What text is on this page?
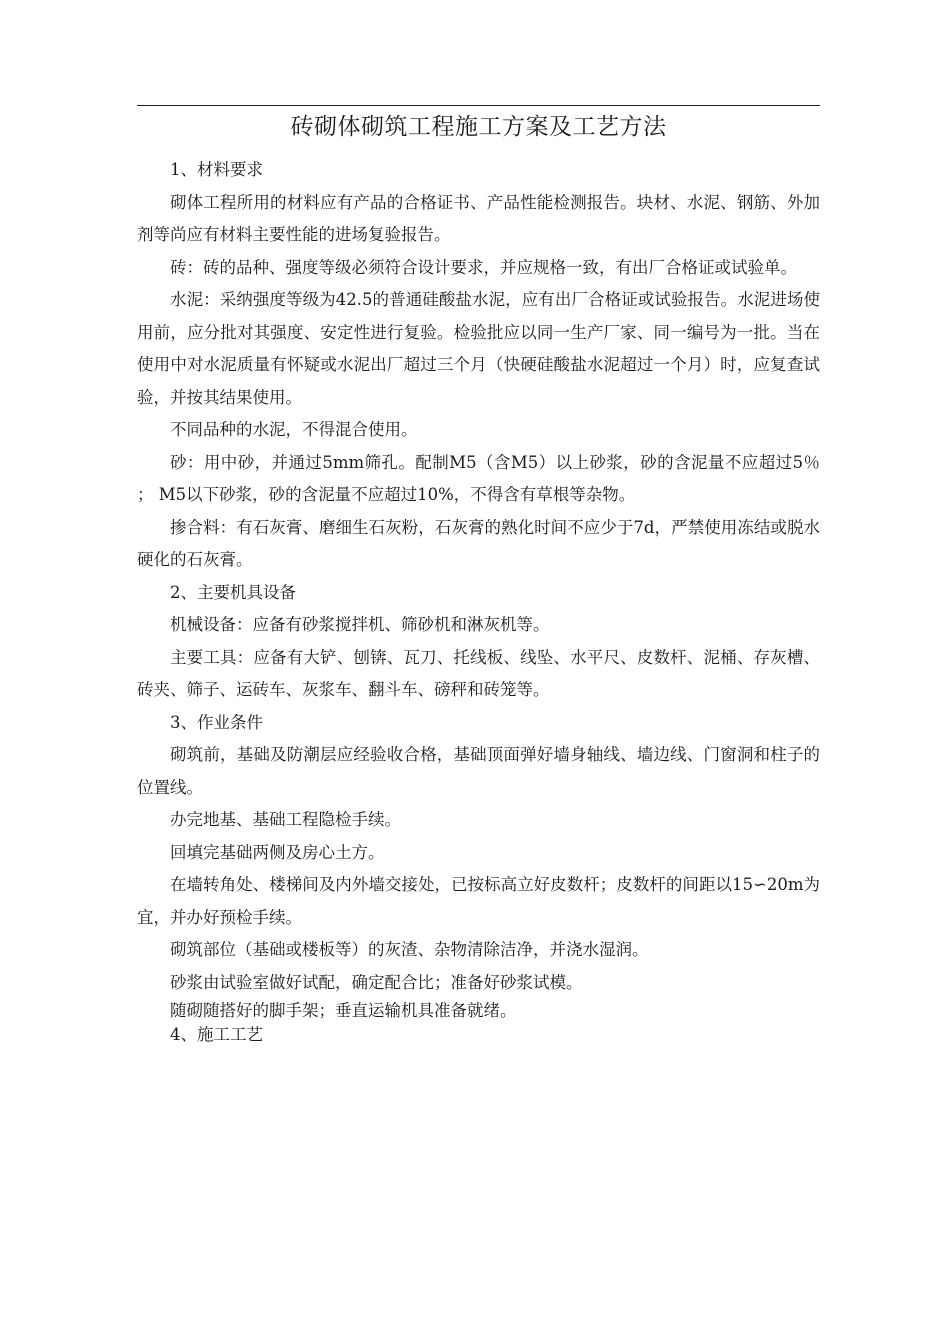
砖砌体砌筑工程施工方案及工艺方法

1、材料要求

砌体工程所用的材料应有产品的合格证书、产品性能检测报告。块材、水泥、钢筋、外加剂等尚应有材料主要性能的进场复验报告。

砖：砖的品种、强度等级必须符合设计要求，并应规格一致，有出厂合格证或试验单。

水泥：采纳强度等级为42.5的普通硅酸盐水泥，应有出厂合格证或试验报告。水泥进场使用前，应分批对其强度、安定性进行复验。检验批应以同一生产厂家、同一编号为一批。当在使用中对水泥质量有怀疑或水泥出厂超过三个月（快硬硅酸盐水泥超过一个月）时，应复查试验，并按其结果使用。

不同品种的水泥，不得混合使用。

砂：用中砂，并通过5mm筛孔。配制M5（含M5）以上砂浆，砂的含泥量不应超过5％ ； M5以下砂浆，砂的含泥量不应超过10%，不得含有草根等杂物。

掺合料：有石灰膏、磨细生石灰粉，石灰膏的熟化时间不应少于7d，严禁使用冻结或脱水硬化的石灰膏。

2、主要机具设备

机械设备：应备有砂浆搅拌机、筛砂机和淋灰机等。

主要工具：应备有大铲、刨锛、瓦刀、托线板、线坠、水平尺、皮数杆、泥桶、存灰槽、砖夹、筛子、运砖车、灰浆车、翻斗车、磅秤和砖笼等。

3、作业条件

砌筑前，基础及防潮层应经验收合格，基础顶面弹好墙身轴线、墙边线、门窗洞和柱子的位置线。

办完地基、基础工程隐检手续。

回填完基础两侧及房心土方。

在墙转角处、楼梯间及内外墙交接处，已按标高立好皮数杆；皮数杆的间距以15∽20m为宜，并办好预检手续。

砌筑部位（基础或楼板等）的灰渣、杂物清除洁净，并浇水湿润。

砂浆由试验室做好试配，确定配合比；准备好砂浆试模。

随砌随搭好的脚手架；垂直运输机具准备就绪。

4、施工工艺
